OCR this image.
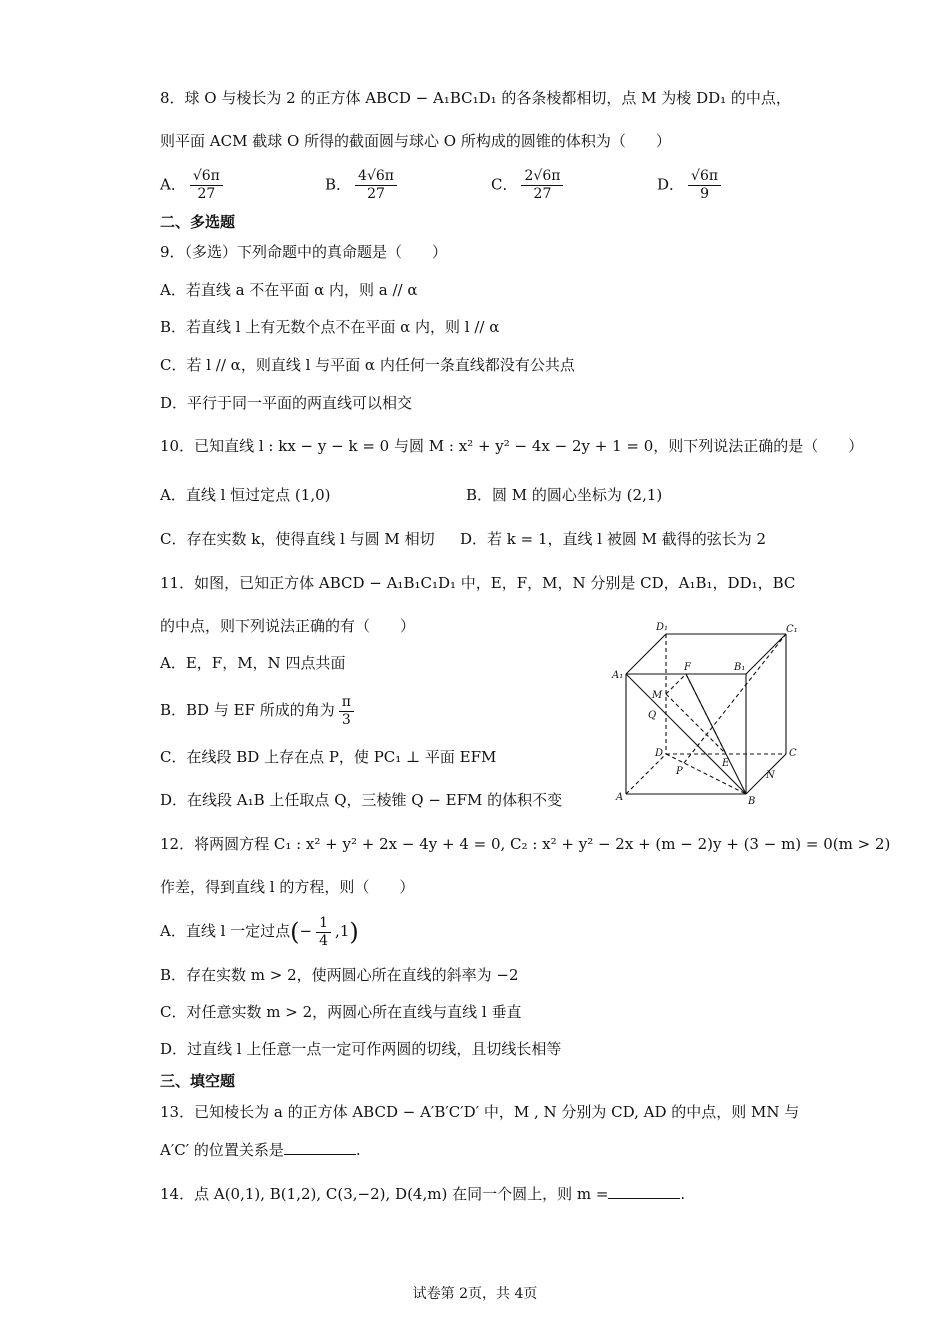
8．球 O 与棱长为 2 的正方体 ABCD − A₁BC₁D₁ 的各条棱都相切，点 M 为棱 DD₁ 的中点，
则平面 ACM 截球 O 所得的截面圆与球心 O 所构成的圆锥的体积为（　　）
A． $\frac{√6\pi}{27}$	B． $\frac{4√6\pi}{27}$	C． $\frac{2√6\pi}{27}$	D． $\frac{√6\pi}{9}$
二、多选题
9．（多选）下列命题中的真命题是（　　）
A．若直线 a 不在平面 α 内，则 a // α
B．若直线 l 上有无数个点不在平面 α 内，则 l // α
C．若 l // α，则直线 l 与平面 α 内任何一条直线都没有公共点
D．平行于同一平面的两直线可以相交
10．已知直线 l : kx − y − k = 0 与圆 M : x² + y² − 4x − 2y + 1 = 0，则下列说法正确的是（　　）
A．直线 l 恒过定点 (1,0)	B．圆 M 的圆心坐标为 (2,1)
C．存在实数 k，使得直线 l 与圆 M 相切 D．若 k = 1，直线 l 被圆 M 截得的弦长为 2
11．如图，已知正方体 ABCD − A₁B₁C₁D₁ 中，E，F，M，N 分别是 CD，A₁B₁，DD₁，BC
的中点，则下列说法正确的有（　　）
A．E，F，M，N 四点共面
B．BD 与 EF 所成的角为 $\frac{\pi}{3}$
C．在线段 BD 上存在点 P，使 PC₁ ⊥ 平面 EFM
D．在线段 A₁B 上任取点 Q，三棱锥 Q − EFM 的体积不变
D₁	C₁
A₁
B₁
F
M
Q
D	C
E
P	N
A	B
12．将两圆方程 C₁ : x² + y² + 2x − 4y + 4 = 0, C₂ : x² + y² − 2x + (m − 2)y + (3 − m) = 0(m > 2)
作差，得到直线 l 的方程，则（　　）
A．直线 l 一定过点(− $\frac{1}{4} ,1$)
B．存在实数 m > 2，使两圆心所在直线的斜率为 −2
C．对任意实数 m > 2，两圆心所在直线与直线 l 垂直
D．过直线 l 上任意一点一定可作两圆的切线，且切线长相等
三、填空题
13．已知棱长为 a 的正方体 ABCD − A′B′C′D′ 中，M , N 分别为 CD, AD 的中点，则 MN 与
A′C′ 的位置关系是	.
14．点 A(0,1), B(1,2), C(3,−2), D(4,m) 在同一个圆上，则 m =	.
试卷第 2页，共 4页
